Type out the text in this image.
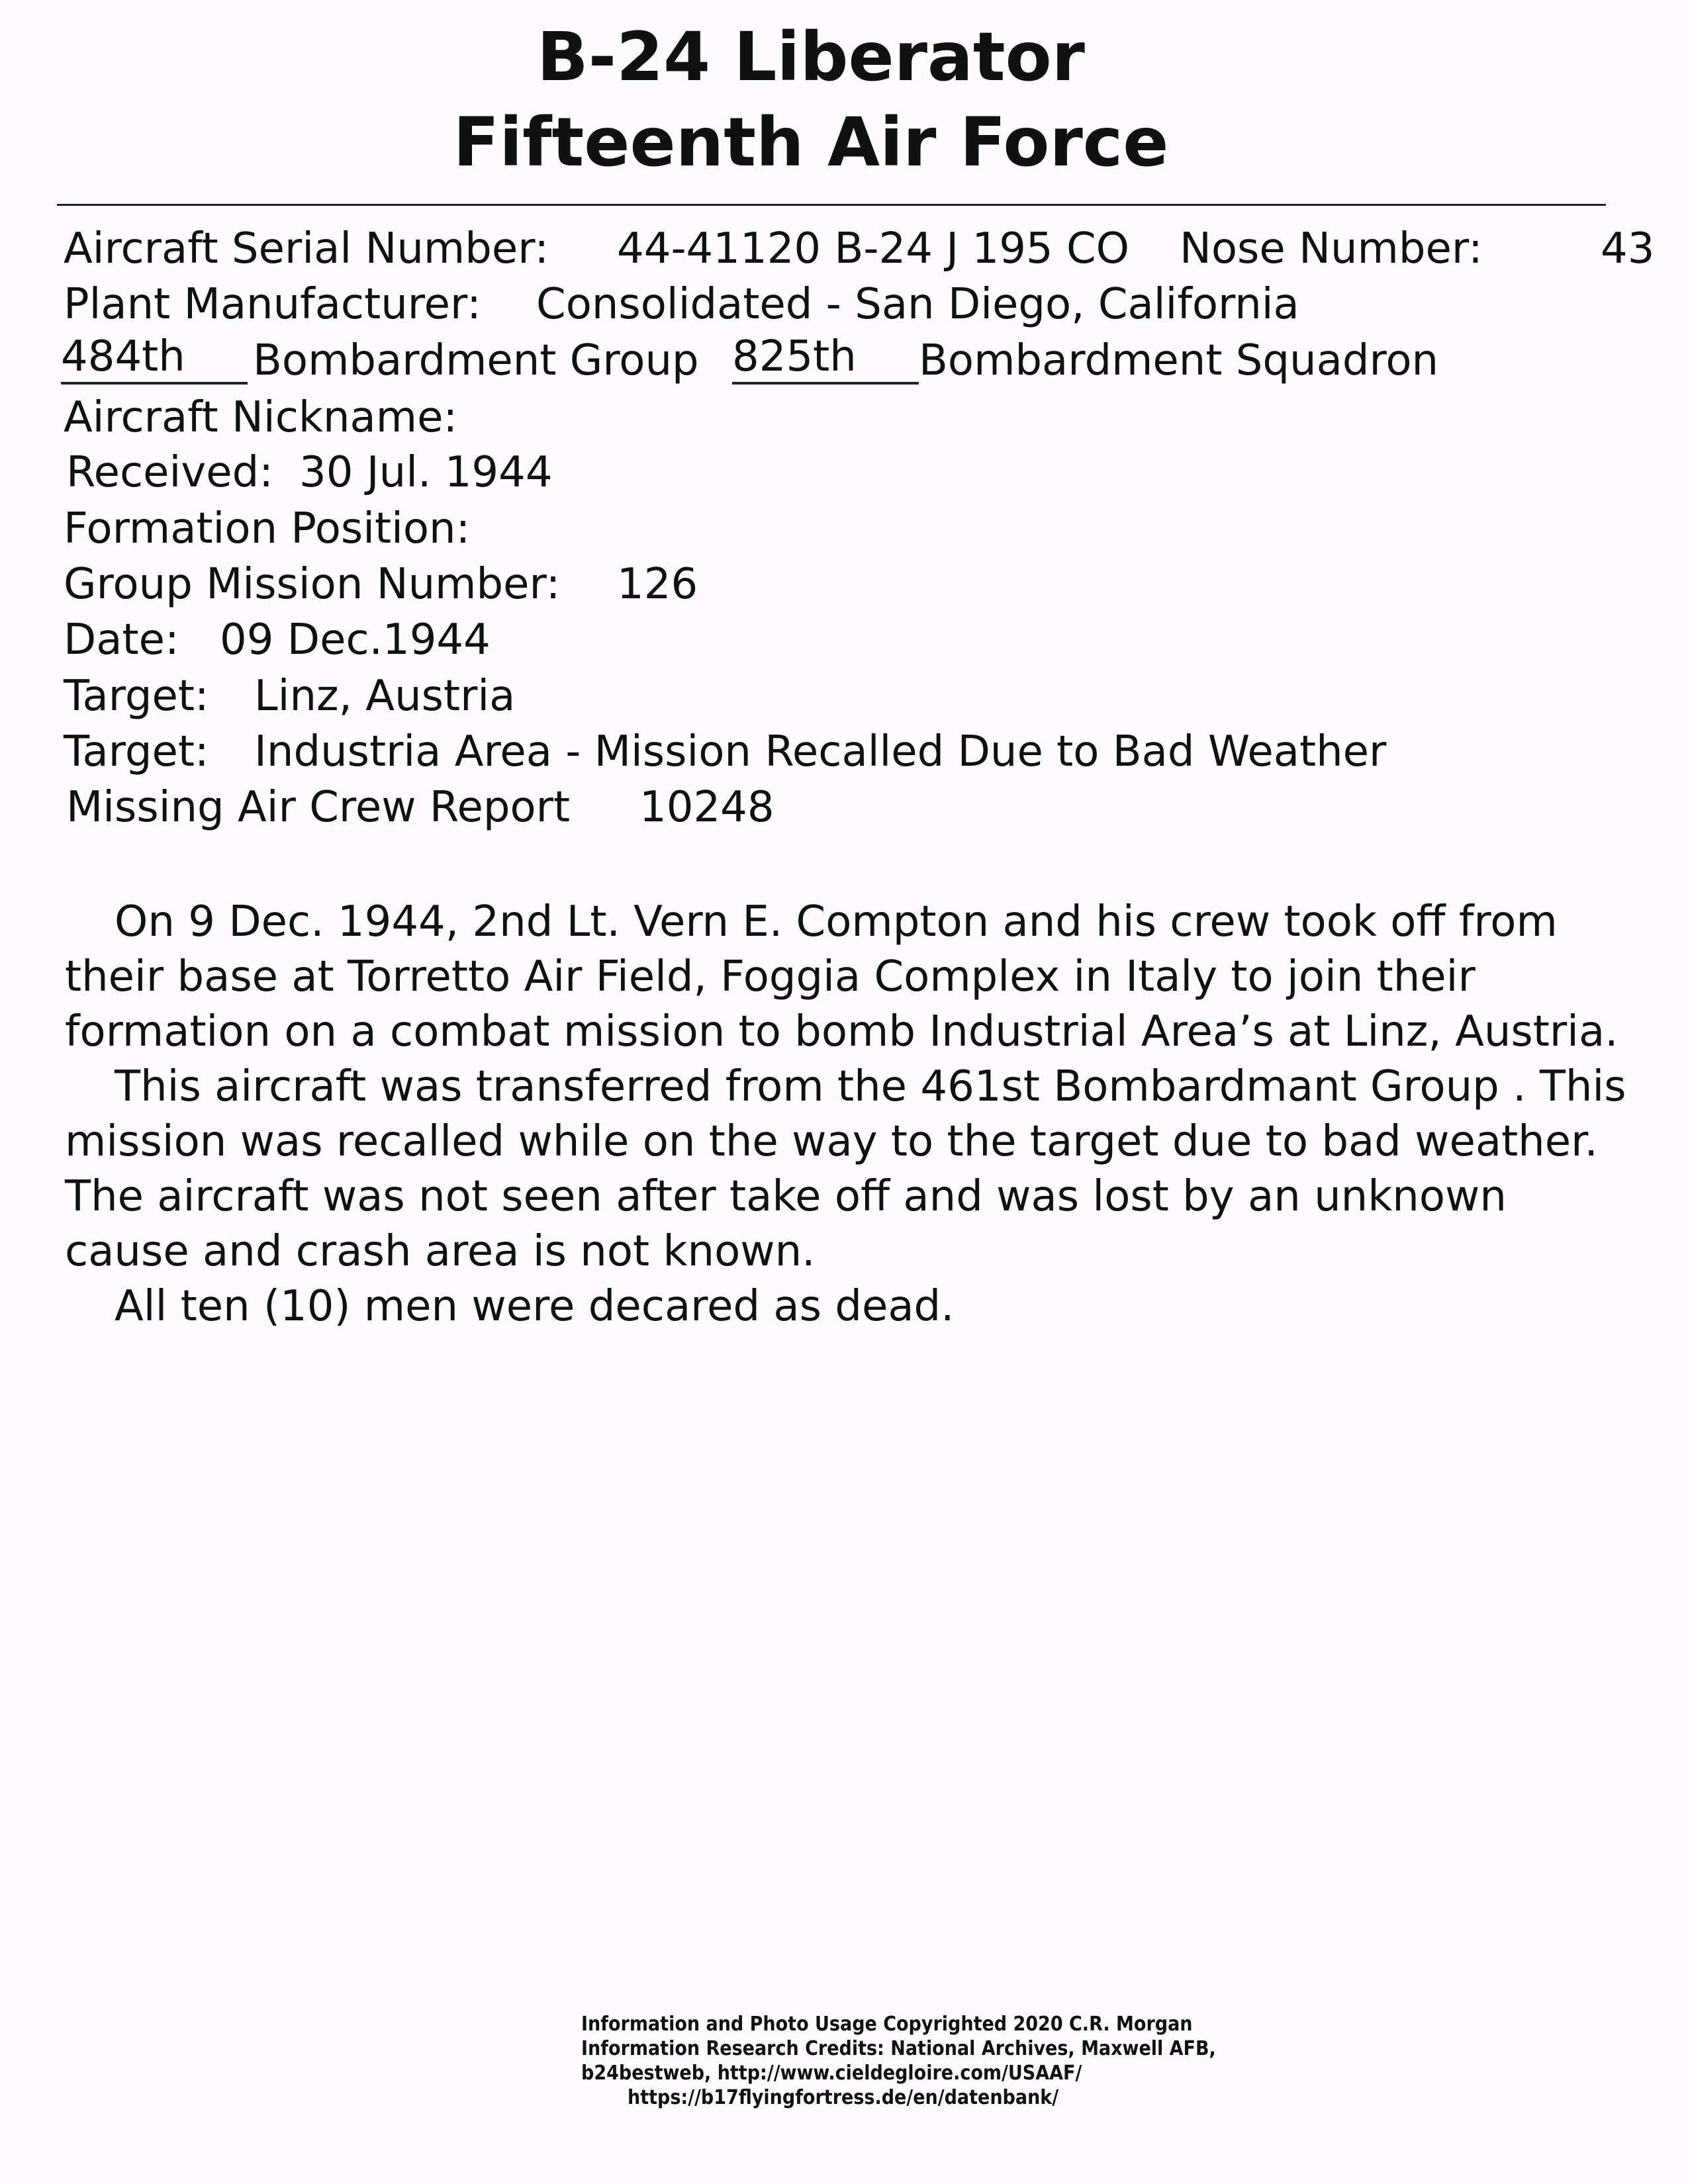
B-24 Liberator
Fifteenth Air Force
Aircraft Serial Number: 44-41120 B-24 J 195 CO Nose Number:	43
Plant Manufacturer: Consolidated - San Diego, California
484th	Bombardment Group 825th	Bombardment Squadron
Aircraft Nickname:
Received: 30 Jul. 1944
Formation Position:
Group Mission Number: 126
Date: 09 Dec.1944
Target: Linz, Austria
Target: Industria Area - Mission Recalled Due to Bad Weather
Missing Air Crew Report 10248

On 9 Dec. 1944, 2nd Lt. Vern E. Compton and his crew took off from their base at Torretto Air Field, Foggia Complex in Italy to join their formation on a combat mission to bomb Industrial Area’s at Linz, Austria.

This aircraft was transferred from the 461st Bombardmant Group . This mission was recalled while on the way to the target due to bad weather. The aircraft was not seen after take off and was lost by an unknown cause and crash area is not known.

All ten (10) men were decared as dead.

Information and Photo Usage Copyrighted 2020 C.R. Morgan
Information Research Credits: National Archives, Maxwell AFB,
b24bestweb, http://www.cieldegloire.com/USAAF/
https://b17flyingfortress.de/en/datenbank/
